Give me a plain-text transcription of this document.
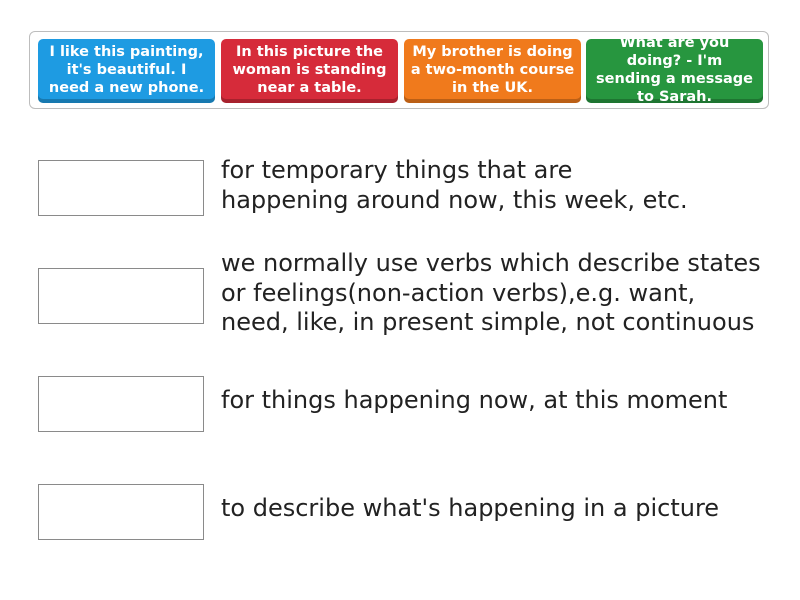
I like this painting, it's beautiful. I need a new phone.
In this picture the woman is standing near a table.
My brother is doing a two-month course in the UK.
What are you doing? - I'm sending a message to Sarah.
for temporary things that are
happening around now, this week, etc.
we normally use verbs which describe states
or feelings(non-action verbs),e.g. want,
need, like, in present simple, not continuous
for things happening now, at this moment
to describe what's happening in a picture
